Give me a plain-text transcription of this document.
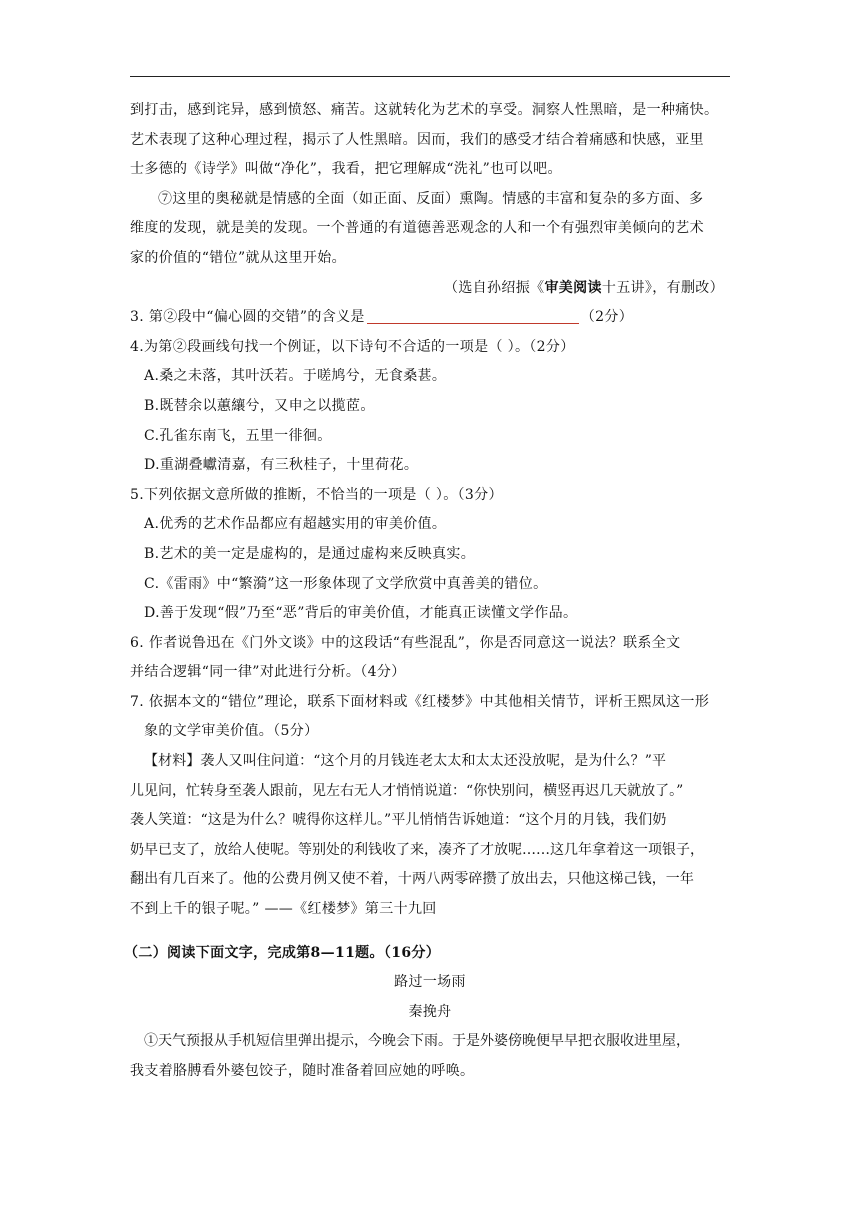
到打击，感到诧异，感到愤怒、痛苦。这就转化为艺术的享受。洞察人性黑暗，是一种痛快。
艺术表现了这种心理过程，揭示了人性黑暗。因而，我们的感受才结合着痛感和快感，亚里
士多德的《诗学》叫做“净化”，我看，把它理解成“洗礼”也可以吧。
⑦这里的奥秘就是情感的全面（如正面、反面）熏陶。情感的丰富和复杂的多方面、多
维度的发现，就是美的发现。一个普通的有道德善恶观念的人和一个有强烈审美倾向的艺术
家的价值的“错位”就从这里开始。
（选自孙绍振《审美阅读十五讲》，有删改）
3. 第②段中“偏心圆的交错”的含义是	（2分）
4.为第②段画线句找一个例证，以下诗句不合适的一项是（ ）。（2分）
A.桑之未落，其叶沃若。于嗟鸠兮，无食桑葚。
B.既替余以蕙纕兮，又申之以揽茝。
C.孔雀东南飞，五里一徘徊。
D.重湖叠巘清嘉，有三秋桂子，十里荷花。
5.下列依据文意所做的推断，不恰当的一项是（ ）。（3分）
A.优秀的艺术作品都应有超越实用的审美价值。
B.艺术的美一定是虚构的，是通过虚构来反映真实。
C.《雷雨》中“繁漪”这一形象体现了文学欣赏中真善美的错位。
D.善于发现“假”乃至“恶”背后的审美价值，才能真正读懂文学作品。
6. 作者说鲁迅在《门外文谈》中的这段话“有些混乱”，你是否同意这一说法？联系全文
并结合逻辑“同一律”对此进行分析。（4分）
7. 依据本文的“错位”理论，联系下面材料或《红楼梦》中其他相关情节，评析王熙凤这一形
象的文学审美价值。（5分）
【材料】袭人又叫住问道：“这个月的月钱连老太太和太太还没放呢，是为什么？”平
儿见问，忙转身至袭人跟前，见左右无人才悄悄说道：“你快别问，横竖再迟几天就放了。”
袭人笑道：“这是为什么？唬得你这样儿。”平儿悄悄告诉她道：“这个月的月钱，我们奶
奶早已支了，放给人使呢。等别处的利钱收了来，凑齐了才放呢……这几年拿着这一项银子，
翻出有几百来了。他的公费月例又使不着，十两八两零碎攒了放出去，只他这梯己钱，一年
不到上千的银子呢。” ——《红楼梦》第三十九回
（二）阅读下面文字，完成第8—11题。（16分）
路过一场雨
秦挽舟
①天气预报从手机短信里弹出提示，今晚会下雨。于是外婆傍晚便早早把衣服收进里屋，
我支着胳膊看外婆包饺子，随时准备着回应她的呼唤。
